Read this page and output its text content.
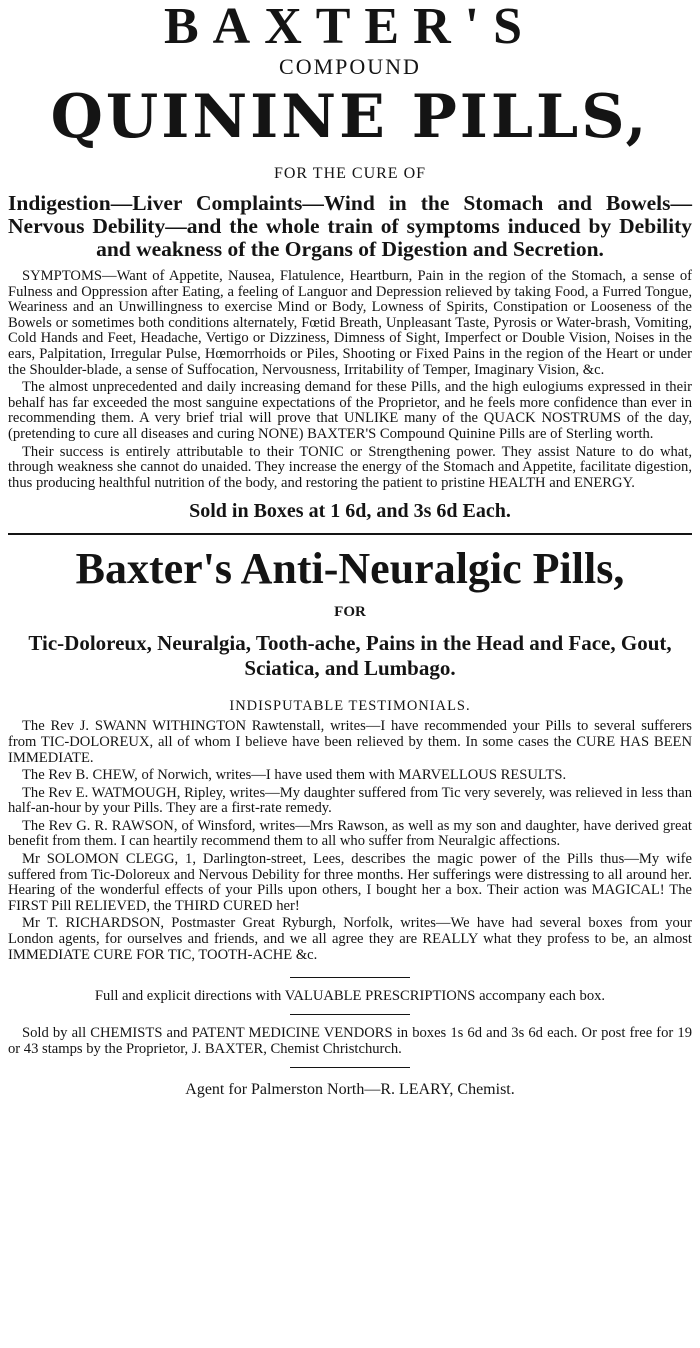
BAXTER'S
COMPOUND
QUININE PILLS,
FOR THE CURE OF
Indigestion—Liver Complaints—Wind in the Stomach and Bowels—Nervous Debility—and the whole train of symptoms induced by Debility and weakness of the Organs of Digestion and Secretion.

SYMPTOMS—Want of Appetite, Nausea, Flatulence, Heartburn, Pain in the region of the Stomach, a sense of Fulness and Oppression after Eating, a feeling of Languor and Depression relieved by taking Food, a Furred Tongue, Weariness and an Unwillingness to exercise Mind or Body, Lowness of Spirits, Constipation or Looseness of the Bowels or sometimes both conditions alternately, Fœtid Breath, Unpleasant Taste, Pyrosis or Water-brash, Vomiting, Cold Hands and Feet, Headache, Vertigo or Dizziness, Dimness of Sight, Imperfect or Double Vision, Noises in the ears, Palpitation, Irregular Pulse, Hœmorrhoids or Piles, Shooting or Fixed Pains in the region of the Heart or under the Shoulder-blade, a sense of Suffocation, Nervousness, Irritability of Temper, Imaginary Vision, &c.

The almost unprecedented and daily increasing demand for these Pills, and the high eulogiums expressed in their behalf has far exceeded the most sanguine expectations of the Proprietor, and he feels more confidence than ever in recommending them. A very brief trial will prove that UNLIKE many of the QUACK NOSTRUMS of the day, (pretending to cure all diseases and curing NONE) BAXTER'S Compound Quinine Pills are of Sterling worth.

Their success is entirely attributable to their TONIC or Strengthening power. They assist Nature to do what, through weakness she cannot do unaided. They increase the energy of the Stomach and Appetite, facilitate digestion, thus producing healthful nutrition of the body, and restoring the patient to pristine HEALTH and ENERGY.

Sold in Boxes at 1 6d, and 3s 6d Each.
Baxter's Anti-Neuralgic Pills,
FOR
Tic-Doloreux, Neuralgia, Tooth-ache, Pains in the Head and Face, Gout, Sciatica, and Lumbago.
INDISPUTABLE TESTIMONIALS.

The Rev J. SWANN WITHINGTON Rawtenstall, writes—I have recommended your Pills to several sufferers from TIC-DOLOREUX, all of whom I believe have been relieved by them. In some cases the CURE HAS BEEN IMMEDIATE.

The Rev B. CHEW, of Norwich, writes—I have used them with MARVELLOUS RESULTS.

The Rev E. WATMOUGH, Ripley, writes—My daughter suffered from Tic very severely, was relieved in less than half-an-hour by your Pills. They are a first-rate remedy.

The Rev G. R. RAWSON, of Winsford, writes—Mrs Rawson, as well as my son and daughter, have derived great benefit from them. I can heartily recommend them to all who suffer from Neuralgic affections.

Mr SOLOMON CLEGG, 1, Darlington-street, Lees, describes the magic power of the Pills thus—My wife suffered from Tic-Doloreux and Nervous Debility for three months. Her sufferings were distressing to all around her. Hearing of the wonderful effects of your Pills upon others, I bought her a box. Their action was MAGICAL! The FIRST Pill RELIEVED, the THIRD CURED her!

Mr T. RICHARDSON, Postmaster Great Ryburgh, Norfolk, writes—We have had several boxes from your London agents, for ourselves and friends, and we all agree they are REALLY what they profess to be, an almost IMMEDIATE CURE FOR TIC, TOOTH-ACHE &c.

Full and explicit directions with VALUABLE PRESCRIPTIONS accompany each box.
Sold by all CHEMISTS and PATENT MEDICINE VENDORS in boxes 1s 6d and 3s 6d each. Or post free for 19 or 43 stamps by the Proprietor, J. BAXTER, Chemist Christchurch.
Agent for Palmerston North—R. LEARY, Chemist.
